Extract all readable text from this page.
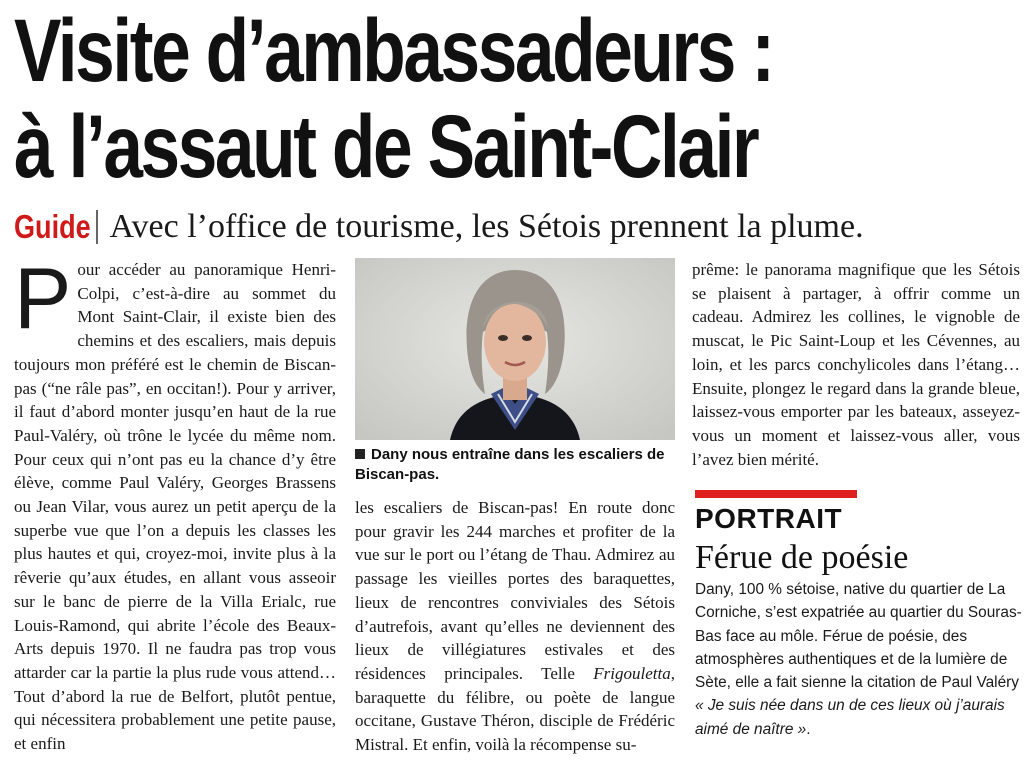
Visite d’ambassadeurs :
à l’assaut de Saint-Clair
Guide Avec l’office de tourisme, les Sétois prennent la plume.

Pour accéder au panoramique Henri-Colpi, c’est-à-dire au sommet du Mont Saint-Clair, il existe bien des chemins et des escaliers, mais depuis toujours mon préféré est le chemin de Biscan-pas (“ne râle pas”, en occitan!). Pour y arriver, il faut d’abord monter jusqu’en haut de la rue Paul-Valéry, où trône le lycée du même nom. Pour ceux qui n’ont pas eu la chance d’y être élève, comme Paul Valéry, Georges Brassens ou Jean Vilar, vous aurez un petit aperçu de la superbe vue que l’on a depuis les classes les plus hautes et qui, croyez-moi, invite plus à la rêverie qu’aux études, en allant vous asseoir sur le banc de pierre de la Villa Erialc, rue Louis-Ramond, qui abrite l’école des Beaux-Arts depuis 1970. Il ne faudra pas trop vous attarder car la partie la plus rude vous attend… Tout d’abord la rue de Belfort, plutôt pentue, qui nécessitera probablement une petite pause, et enfin

Dany nous entraîne dans les escaliers de Biscan-pas.

les escaliers de Biscan-pas! En route donc pour gravir les 244 marches et profiter de la vue sur le port ou l’étang de Thau. Admirez au passage les vieilles portes des baraquettes, lieux de rencontres conviviales des Sétois d’autrefois, avant qu’elles ne deviennent des lieux de villégiatures estivales et des résidences principales. Telle Frigouletta, baraquette du félibre, ou poète de langue occitane, Gustave Théron, disciple de Frédéric Mistral. Et enfin, voilà la récompense su-

prême: le panorama magnifique que les Sétois se plaisent à partager, à offrir comme un cadeau. Admirez les collines, le vignoble de muscat, le Pic Saint-Loup et les Cévennes, au loin, et les parcs conchylicoles dans l’étang… Ensuite, plongez le regard dans la grande bleue, laissez-vous emporter par les bateaux, asseyez-vous un moment et laissez-vous aller, vous l’avez bien mérité.

PORTRAIT
Férue de poésie
Dany, 100 % sétoise, native du quartier de La Corniche, s’est expatriée au quartier du Souras-Bas face au môle. Férue de poésie, des atmosphères authentiques et de la lumière de Sète, elle a fait sienne la citation de Paul Valéry « Je suis née dans un de ces lieux où j’aurais aimé de naître ».
